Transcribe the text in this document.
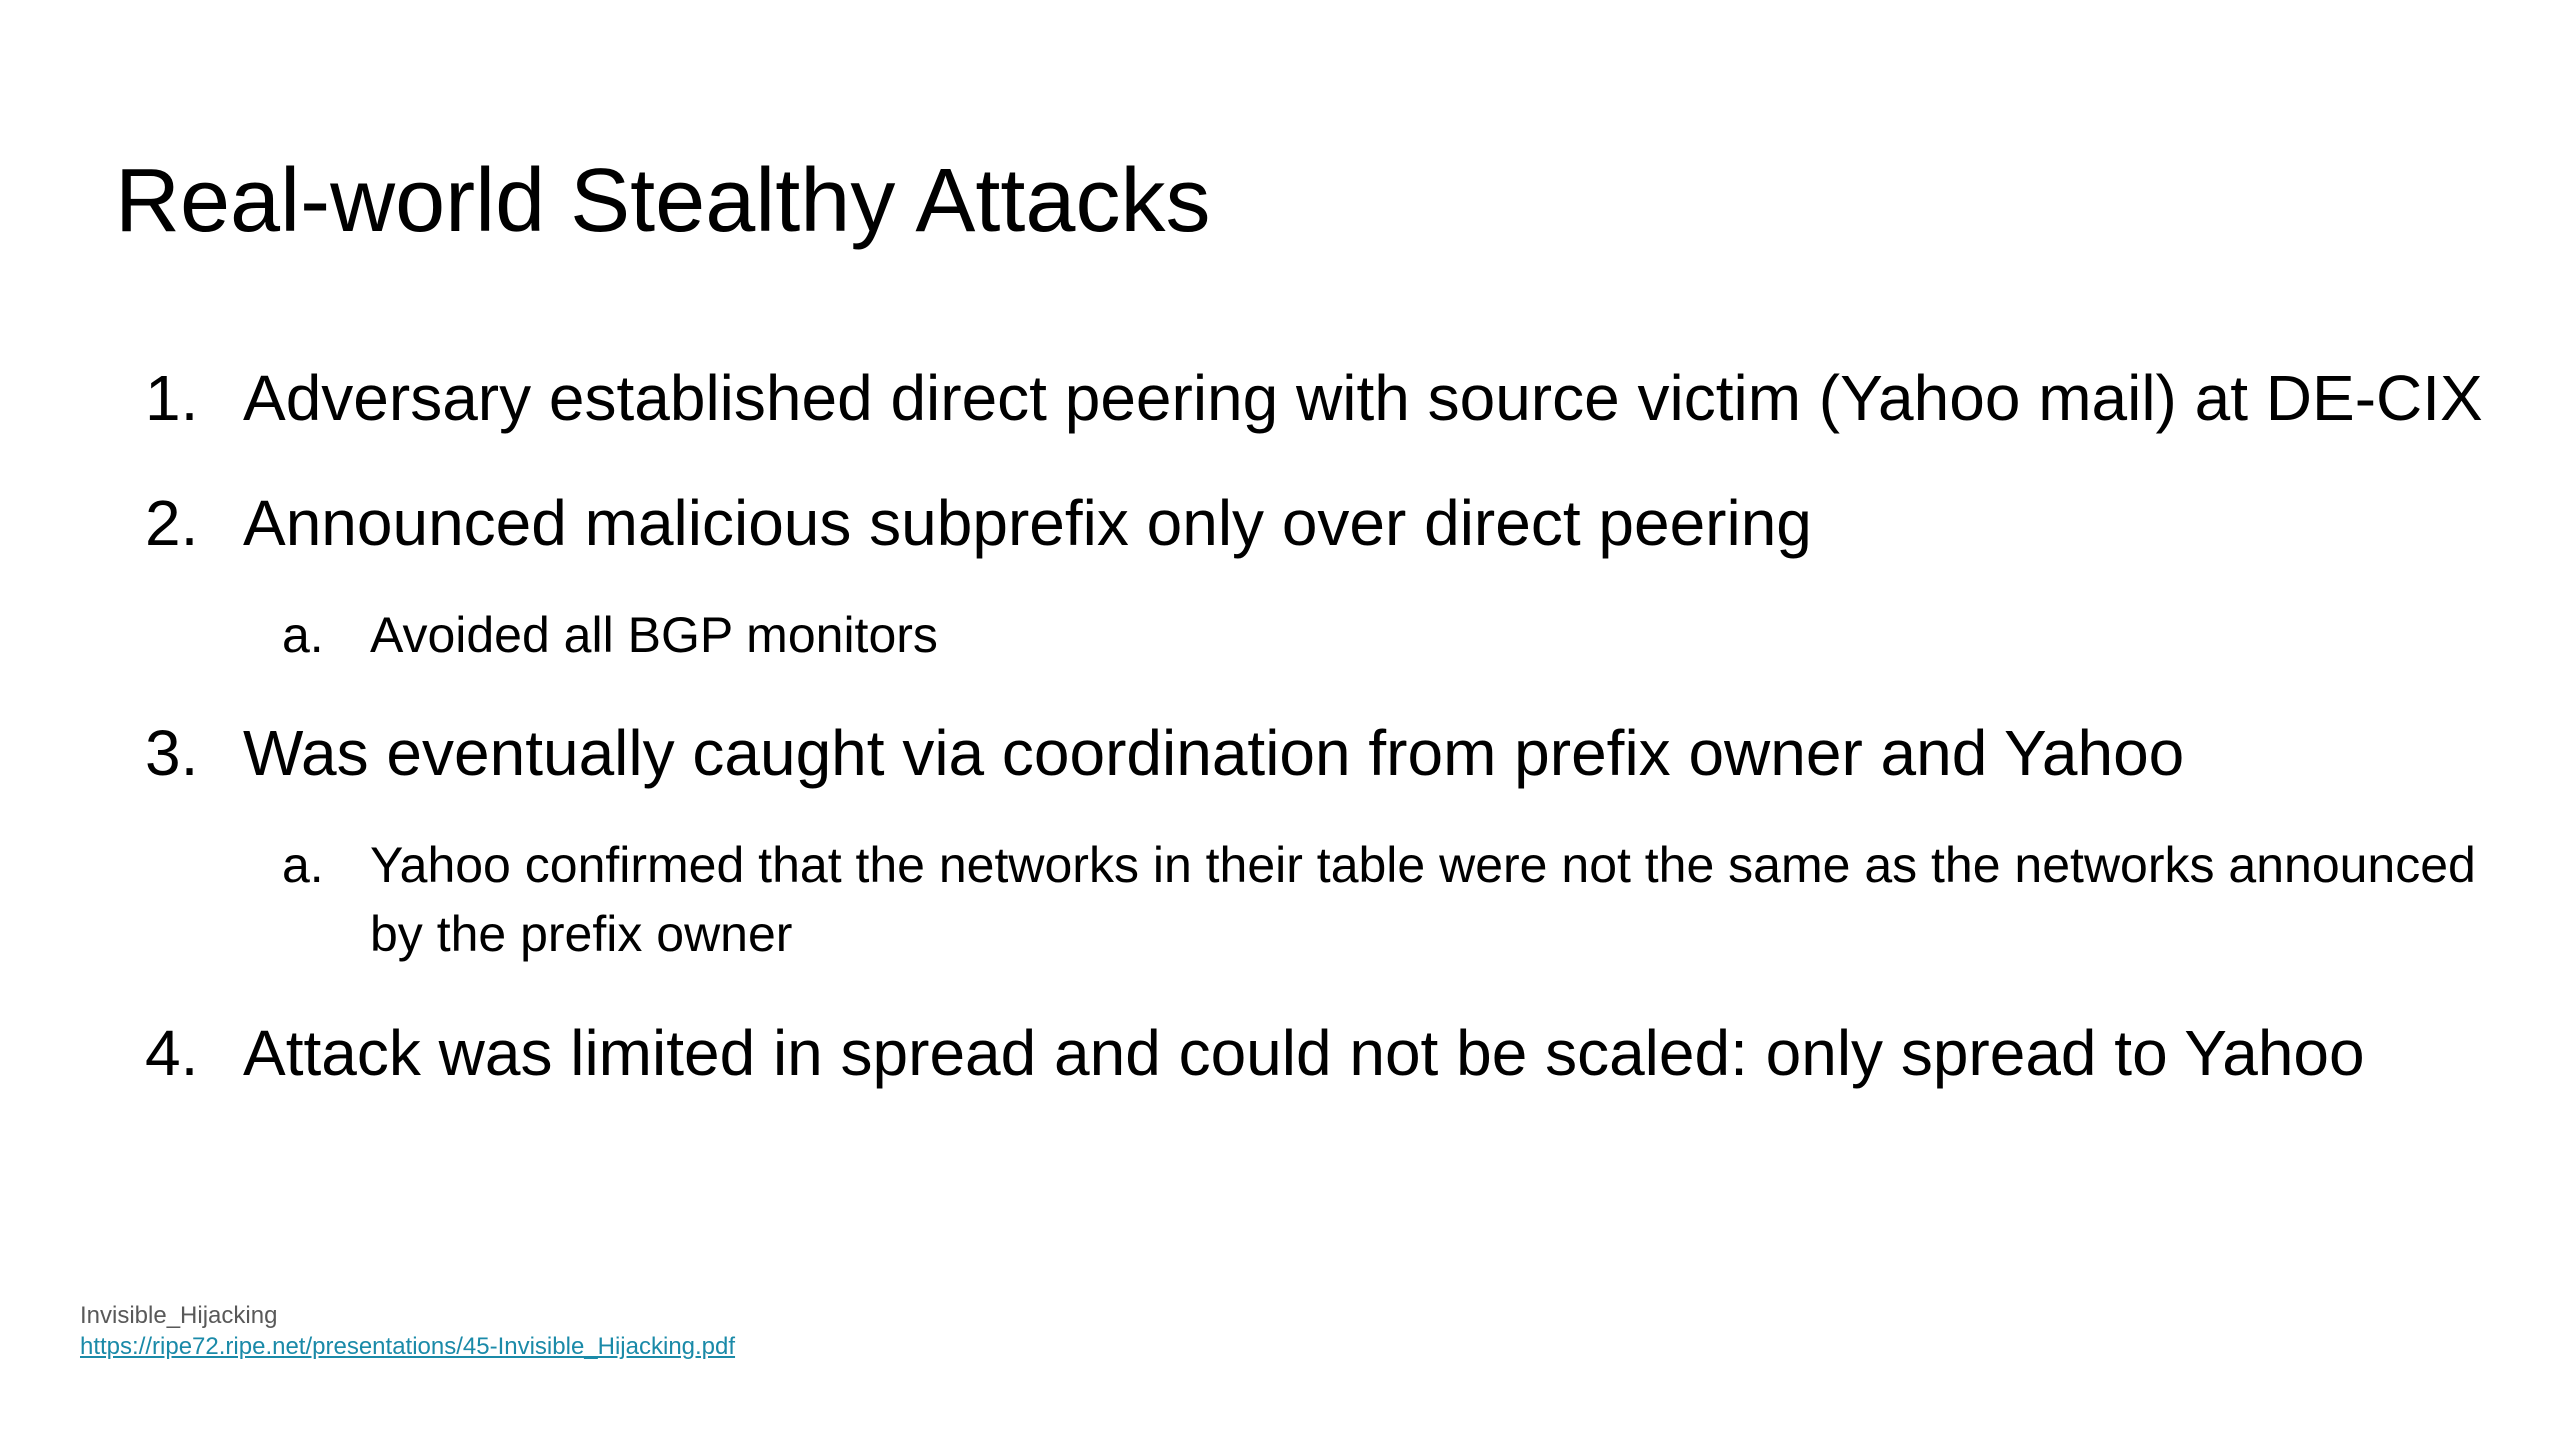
Real-world Stealthy Attacks
1. Adversary established direct peering with source victim (Yahoo mail) at DE-CIX
2. Announced malicious subprefix only over direct peering
a. Avoided all BGP monitors
3. Was eventually caught via coordination from prefix owner and Yahoo
a. Yahoo confirmed that the networks in their table were not the same as the networks announced by the prefix owner
4. Attack was limited in spread and could not be scaled: only spread to Yahoo
Invisible_Hijacking
https://ripe72.ripe.net/presentations/45-Invisible_Hijacking.pdf
